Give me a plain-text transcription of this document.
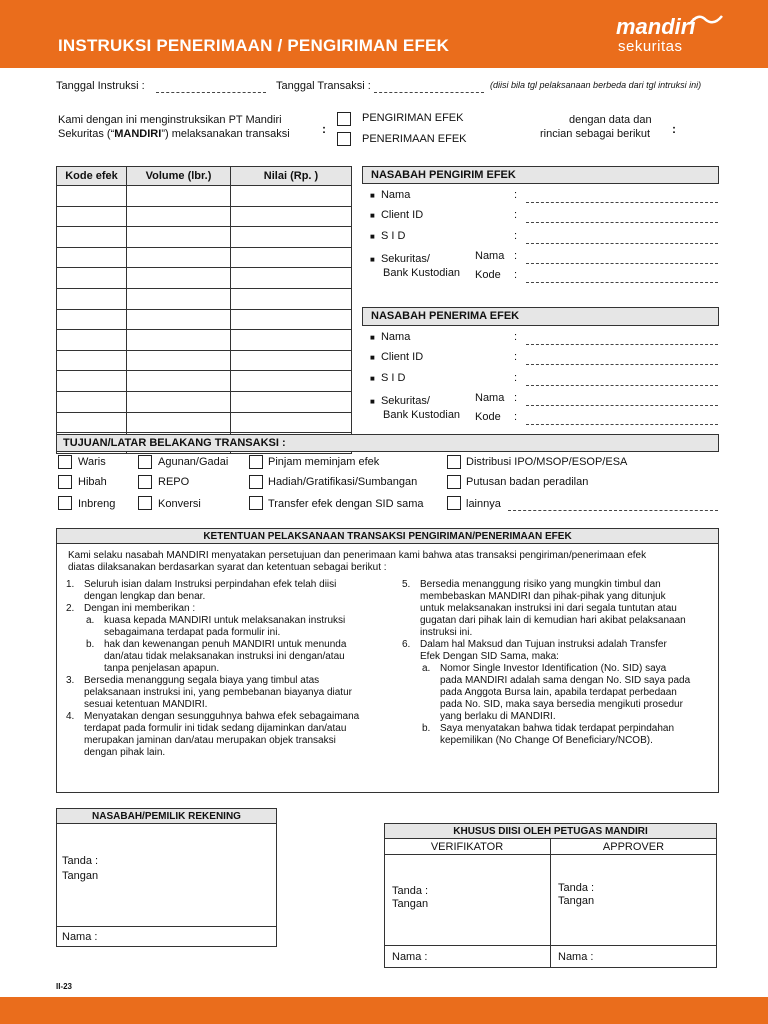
INSTRUKSI PENERIMAAN / PENGIRIMAN EFEK
mandiri
sekuritas
Tanggal Instruksi :	Tanggal Transaksi :	(diisi bila tgl pelaksanaan berbeda dari tgl intruksi ini)
Kami dengan ini menginstruksikan PT Mandiri
Sekuritas (“MANDIRI”) melaksanakan transaksi	:
PENGIRIMAN EFEK
PENERIMAAN EFEK
dengan data dan
rincian sebagai berikut :
Kode efek	Volume (lbr.)	Nilai (Rp. )

			NASABAH PENGIRIM EFEK
■ Nama	:
■ Client ID	:
■ S I D	:
■ Sekuritas/
Bank Kustodian
Nama :
Kode :
NASABAH PENERIMA EFEK
■ Nama	:
■ Client ID	:
■ S I D	:
■ Sekuritas/
Bank Kustodian
Nama :
Kode :
TUJUAN/LATAR BELAKANG TRANSAKSI :
Waris	Agunan/Gadai	Pinjam meminjam efek	Distribusi IPO/MSOP/ESOP/ESA
Hibah	REPO	Hadiah/Gratifikasi/Sumbangan	Putusan badan peradilan
Inbreng	Konversi	Transfer efek dengan SID sama	lainnya
KETENTUAN PELAKSANAAN TRANSAKSI PENGIRIMAN/PENERIMAAN EFEK
Kami selaku nasabah MANDIRI menyatakan persetujuan dan penerimaan kami bahwa atas transaksi pengiriman/penerimaan efek
diatas dilaksanakan berdasarkan syarat dan ketentuan sebagai berikut :
1. Seluruh isian dalam Instruksi perpindahan efek telah diisi
dengan lengkap dan benar.
2. Dengan ini memberikan :
a. kuasa kepada MANDIRI untuk melaksanakan instruksi
sebagaimana terdapat pada formulir ini.
b. hak dan kewenangan penuh MANDIRI untuk menunda
dan/atau tidak melaksanakan instruksi ini dengan/atau
tanpa penjelasan apapun.
3. Bersedia menanggung segala biaya yang timbul atas
pelaksanaan instruksi ini, yang pembebanan biayanya diatur
sesuai ketentuan MANDIRI.
4. Menyatakan dengan sesungguhnya bahwa efek sebagaimana
terdapat pada formulir ini tidak sedang dijaminkan dan/atau
merupakan jaminan dan/atau merupakan objek transaksi
dengan pihak lain.
5. Bersedia menanggung risiko yang mungkin timbul dan
membebaskan MANDIRI dan pihak-pihak yang ditunjuk
untuk melaksanakan instruksi ini dari segala tuntutan atau
gugatan dari pihak lain di kemudian hari akibat pelaksanaan
instruksi ini.
6. Dalam hal Maksud dan Tujuan instruksi adalah Transfer
Efek Dengan SID Sama, maka:
a. Nomor Single Investor Identification (No. SID) saya
pada MANDIRI adalah sama dengan No. SID saya pada
pada Anggota Bursa lain, apabila terdapat perbedaan
pada No. SID, maka saya bersedia mengikuti prosedur
yang berlaku di MANDIRI.
b. Saya menyatakan bahwa tidak terdapat perpindahan
kepemilikan (No Change Of Beneficiary/NCOB).
NASABAH/PEMILIK REKENING
Tanda :
Tangan
Nama :
KHUSUS DIISI OLEH PETUGAS MANDIRI
VERIFIKATOR	APPROVER
Tanda :
Tangan
Tanda :
Tangan
Nama :	Nama :
II-23
